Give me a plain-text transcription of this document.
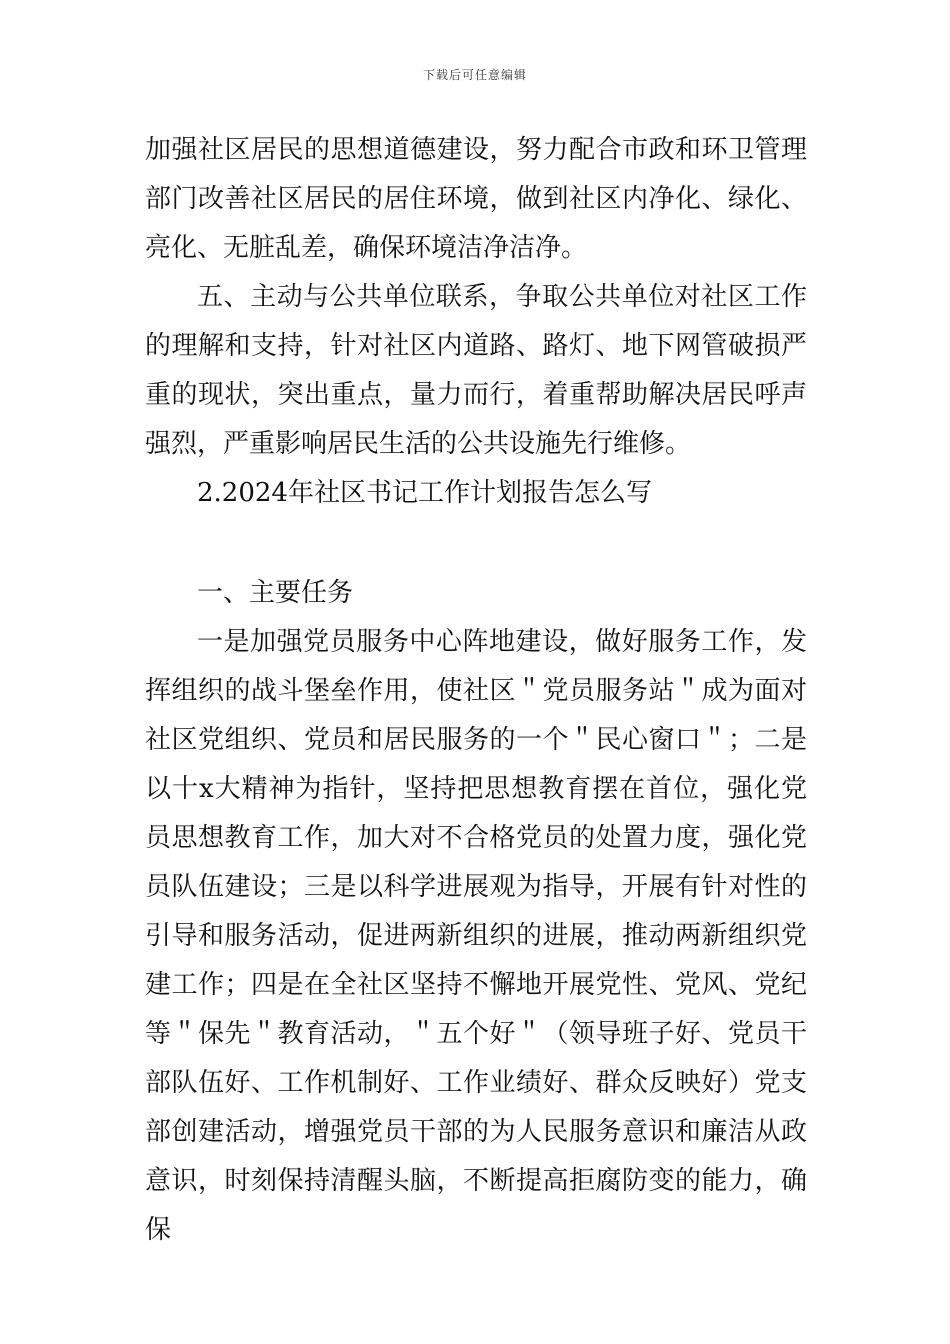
下载后可任意编辑

加强社区居民的思想道德建设，努力配合市政和环卫管理部门改善社区居民的居住环境，做到社区内净化、绿化、亮化、无脏乱差，确保环境洁净洁净。

五、主动与公共单位联系，争取公共单位对社区工作的理解和支持，针对社区内道路、路灯、地下网管破损严重的现状，突出重点，量力而行，着重帮助解决居民呼声强烈，严重影响居民生活的公共设施先行维修。

2.2024年社区书记工作计划报告怎么写

一、主要任务

一是加强党员服务中心阵地建设，做好服务工作，发挥组织的战斗堡垒作用，使社区＂党员服务站＂成为面对社区党组织、党员和居民服务的一个＂民心窗口＂；二是以十x大精神为指针，坚持把思想教育摆在首位，强化党员思想教育工作，加大对不合格党员的处置力度，强化党员队伍建设；三是以科学进展观为指导，开展有针对性的引导和服务活动，促进两新组织的进展，推动两新组织党建工作；四是在全社区坚持不懈地开展党性、党风、党纪等＂保先＂教育活动，＂五个好＂（领导班子好、党员干部队伍好、工作机制好、工作业绩好、群众反映好）党支部创建活动，增强党员干部的为人民服务意识和廉洁从政意识，时刻保持清醒头脑，不断提高拒腐防变的能力，确保
